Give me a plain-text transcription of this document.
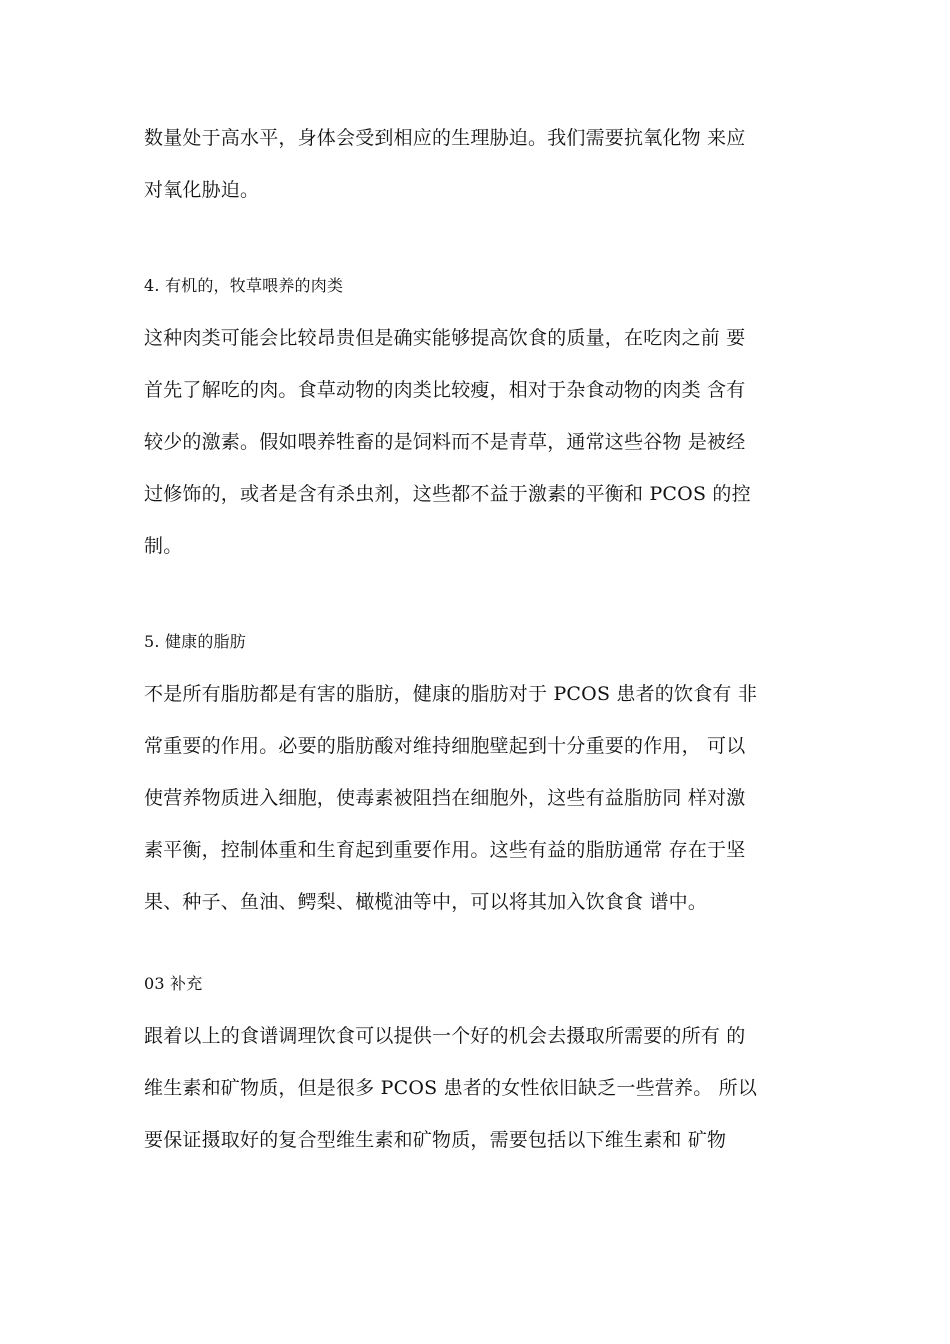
数量处于高水平，身体会受到相应的生理胁迫。我们需要抗氧化物 来应
对氧化胁迫。
4. 有机的，牧草喂养的肉类
这种肉类可能会比较昂贵但是确实能够提高饮食的质量，在吃肉之前 要
首先了解吃的肉。食草动物的肉类比较瘦，相对于杂食动物的肉类 含有
较少的激素。假如喂养牲畜的是饲料而不是青草，通常这些谷物 是被经
过修饰的，或者是含有杀虫剂，这些都不益于激素的平衡和 PCOS 的控
制。
5. 健康的脂肪
不是所有脂肪都是有害的脂肪，健康的脂肪对于 PCOS 患者的饮食有 非
常重要的作用。必要的脂肪酸对维持细胞壁起到十分重要的作用， 可以
使营养物质进入细胞，使毒素被阻挡在细胞外，这些有益脂肪同 样对激
素平衡，控制体重和生育起到重要作用。这些有益的脂肪通常 存在于坚
果、种子、鱼油、鳄梨、橄榄油等中，可以将其加入饮食食 谱中。
03 补充
跟着以上的食谱调理饮食可以提供一个好的机会去摄取所需要的所有 的
维生素和矿物质，但是很多 PCOS 患者的女性依旧缺乏一些营养。 所以
要保证摄取好的复合型维生素和矿物质，需要包括以下维生素和 矿物
